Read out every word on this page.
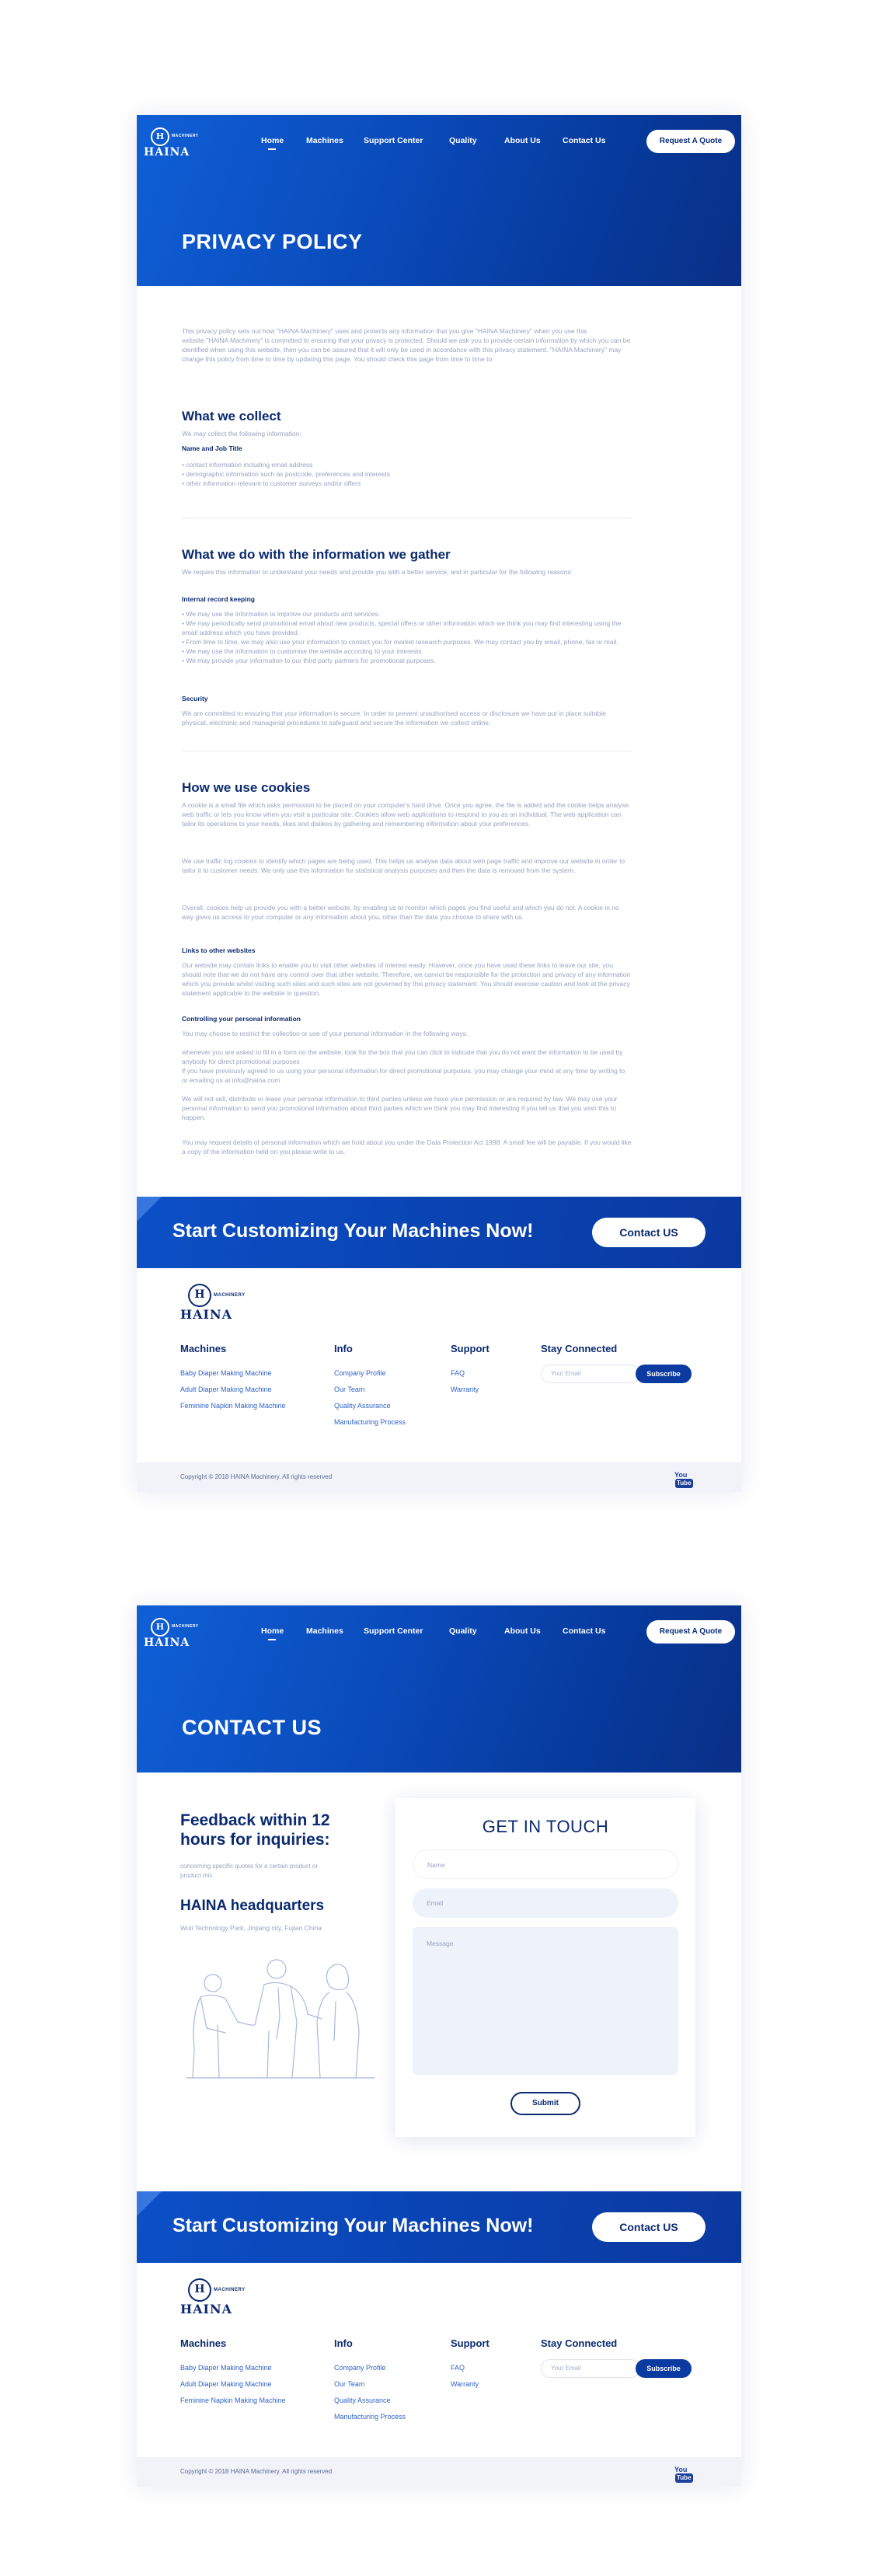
H	MACHINERY
HAINA
Home	Machines Support Center	Quality	About Us	Contact Us	Request A Quote
PRIVACY POLICY
This privacy policy sets out how "HAINA Machinery" uses and protects any information that you give "HAINA Machinery" when you use this website."HAINA Machinery" is committed to ensuring that your privacy is protected. Should we ask you to provide certain information by which you can be identified when using this website, then you can be assured that it will only be used in accordance with this privacy statement. "HAINA Machinery" may change this policy from time to time by updating this page. You should check this page from time to time to
What we collect
We may collect the following information:
Name and Job Title
• contact information including email address
• demographic information such as postcode, preferences and interests
• other information relevant to customer surveys and/or offers
What we do with the information we gather
We require this information to understand your needs and provide you with a better service, and in particular for the following reasons:
Internal record keeping
• We may use the information to improve our products and services.
• We may periodically send promotional email about new products, special offers or other information which we think you may find interesting using the email address which you have provided.
• From time to time, we may also use your information to contact you for market research purposes. We may contact you by email, phone, fax or mail.
• We may use the information to customise the website according to your interests.
• We may provide your information to our third party partners for promotional purposes.
Security
We are committed to ensuring that your information is secure. In order to prevent unauthorised access or disclosure we have put in place suitable physical, electronic and managerial procedures to safeguard and secure the information we collect online.
How we use cookies
A cookie is a small file which asks permission to be placed on your computer's hard drive. Once you agree, the file is added and the cookie helps analyse web traffic or lets you know when you visit a particular site. Cookies allow web applications to respond to you as an individual. The web application can tailor its operations to your needs, likes and dislikes by gathering and remembering information about your preferences.
We use traffic log cookies to identify which pages are being used. This helps us analyse data about web page traffic and improve our website in order to tailor it to customer needs. We only use this information for statistical analysis purposes and then the data is removed from the system.
Overall, cookies help us provide you with a better website, by enabling us to monitor which pages you find useful and which you do not. A cookie in no way gives us access to your computer or any information about you, other than the data you choose to share with us.
Links to other websites
Our website may contain links to enable you to visit other websites of interest easily. However, once you have used these links to leave our site, you should note that we do not have any control over that other website. Therefore, we cannot be responsible for the protection and privacy of any information which you provide whilst visiting such sites and such sites are not governed by this privacy statement. You should exercise caution and look at the privacy statement applicable to the website in question.
Controlling your personal information
You may choose to restrict the collection or use of your personal information in the following ways:
whenever you are asked to fill in a form on the website, look for the box that you can click to indicate that you do not want the information to be used by anybody for direct promotional purposes
if you have previously agreed to us using your personal information for direct promotional purposes, you may change your mind at any time by writing to or emailing us at info@haina.com
We will not sell, distribute or lease your personal information to third parties unless we have your permission or are required by law. We may use your personal information to send you promotional information about third parties which we think you may find interesting if you tell us that you wish this to happen.
You may request details of personal information which we hold about you under the Data Protection Act 1998. A small fee will be payable. If you would like a copy of the information held on you please write to us.
Start Customizing Your Machines Now!	Contact US
H	MACHINERY
HAINA
Machines
Baby Diaper Making Machine
Adult Diaper Making Machine
Feminine Napkin Making Machine
Info
Company Profile
Our Team
Quality Assurance
Manufacturing Process
Support
FAQ
Warranty
Stay Connected
Your Email	Subscribe
Copyright © 2018 HAINA Machinery. All rights reserved	YouTube
H	MACHINERY
HAINA
Home	Machines Support Center	Quality	About Us	Contact Us	Request A Quote
CONTACT US
Feedback within 12 hours for inquiries:
concerning specific quotes for a certain product or product mix.
HAINA headquarters
Wuli Technology Park, Jinjiang city, Fujian China
GET IN TOUCH
Name
Email
Message
Submit
Start Customizing Your Machines Now!	Contact US
H	MACHINERY
HAINA
Machines
Baby Diaper Making Machine
Adult Diaper Making Machine
Feminine Napkin Making Machine
Info
Company Profile
Our Team
Quality Assurance
Manufacturing Process
Support
FAQ
Warranty
Stay Connected
Your Email	Subscribe
Copyright © 2018 HAINA Machinery. All rights reserved	YouTube
